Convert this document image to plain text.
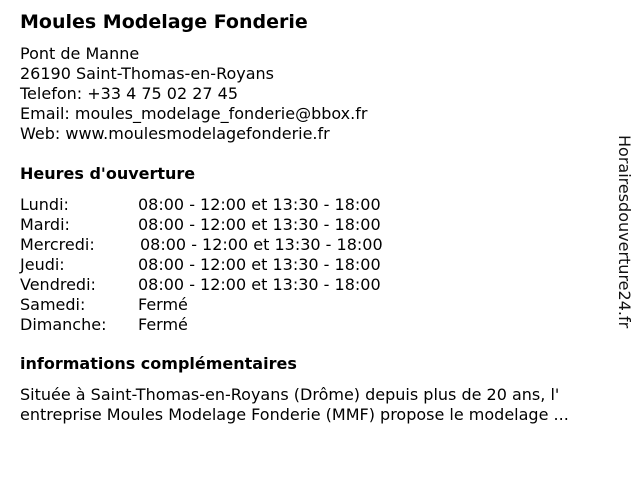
Moules Modelage Fonderie
Pont de Manne
26190 Saint-Thomas-en-Royans
Telefon: +33 4 75 02 27 45
Email: moules_modelage_fonderie@bbox.fr
Web: www.moulesmodelagefonderie.fr
Heures d'ouverture
Lundi:	08:00 - 12:00 et 13:30 - 18:00
Mardi:	08:00 - 12:00 et 13:30 - 18:00
Mercredi:	08:00 - 12:00 et 13:30 - 18:00
Jeudi:	08:00 - 12:00 et 13:30 - 18:00
Vendredi:	08:00 - 12:00 et 13:30 - 18:00
Samedi:	Fermé
Dimanche:	Fermé
informations complémentaires
Située à Saint-Thomas-en-Royans (Drôme) depuis plus de 20 ans, l'
entreprise Moules Modelage Fonderie (MMF) propose le modelage ...
Horairesdouverture24.fr
